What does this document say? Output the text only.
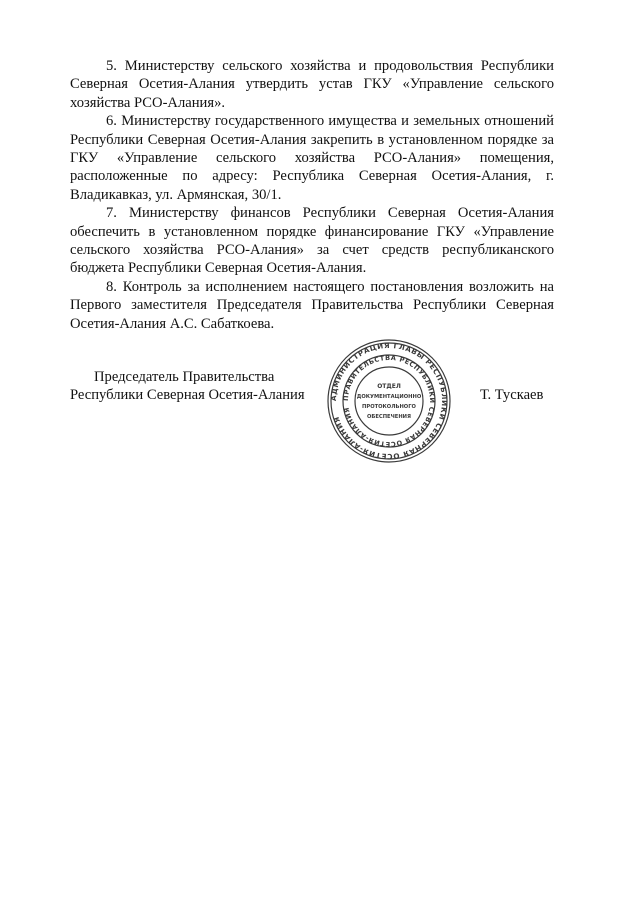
5. Министерству сельского хозяйства и продовольствия Республики Северная Осетия-Алания утвердить устав ГКУ «Управление сельского хозяйства РСО-Алания».

6. Министерству государственного имущества и земельных отношений Республики Северная Осетия-Алания закрепить в установленном порядке за ГКУ «Управление сельского хозяйства РСО-Алания» помещения, расположенные по адресу: Республика Северная Осетия-Алания, г. Владикавказ, ул. Армянская, 30/1.

7. Министерству финансов Республики Северная Осетия-Алания обеспечить в установленном порядке финансирование ГКУ «Управление сельского хозяйства РСО-Алания» за счет средств республиканского бюджета Республики Северная Осетия-Алания.

8. Контроль за исполнением настоящего постановления возложить на Первого заместителя Председателя Правительства Республики Северная Осетия-Алания А.С. Сабаткоева.

Председатель Правительства
Республики Северная Осетия-Алания	АДМИНИСТРАЦИЯ ГЛАВЫ РЕСПУБЛИКИ СЕВЕРНАЯ ОСЕТИЯ-АЛАНИЯ
ПРАВИТЕЛЬСТВА РЕСПУБЛИКИ СЕВЕРНАЯ ОСЕТИЯ-АЛАНИЯ
ОТДЕЛ
ДОКУМЕНТАЦИОННО
ПРОТОКОЛЬНОГО
ОБЕСПЕЧЕНИЯ
Т. Тускаев
